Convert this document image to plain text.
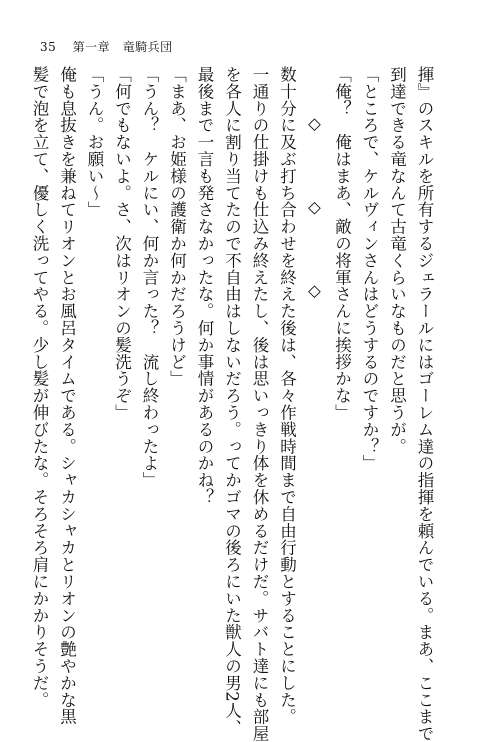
35 第一章　竜騎兵団
揮』のスキルを所有するジェラールにはゴーレム達の指揮を頼んでいる。まあ、ここまで
到達できる竜なんて古竜くらいなものだと思うが。
「ところで、ケルヴィンさんはどうするのですか？」
「俺？　俺はまあ、敵の将軍さんに挨拶かな」
◇　◇　◇
数十分に及ぶ打ち合わせを終えた後は、各々作戦時間まで自由行動とすることにした。
一通りの仕掛けも仕込み終えたし、後は思いっきり体を休めるだけだ。サバト達にも部屋
を各人に割り当てたので不自由はしないだろう。ってかゴマの後ろにいた獣人の男2人、
最後まで一言も発さなかったな。何か事情があるのかね？
「まあ、お姫様の護衛か何かだろうけど」
「うん？　ケルにい、何か言った？　流し終わったよ」
「何でもないよ。さ、次はリオンの髪洗うぞ」
「うん。お願い～」
俺も息抜きを兼ねてリオンとお風呂タイムである。シャカシャカとリオンの艶やかな黒
髪で泡を立て、優しく洗ってやる。少し髪が伸びたな。そろそろ肩にかかりそうだ。
